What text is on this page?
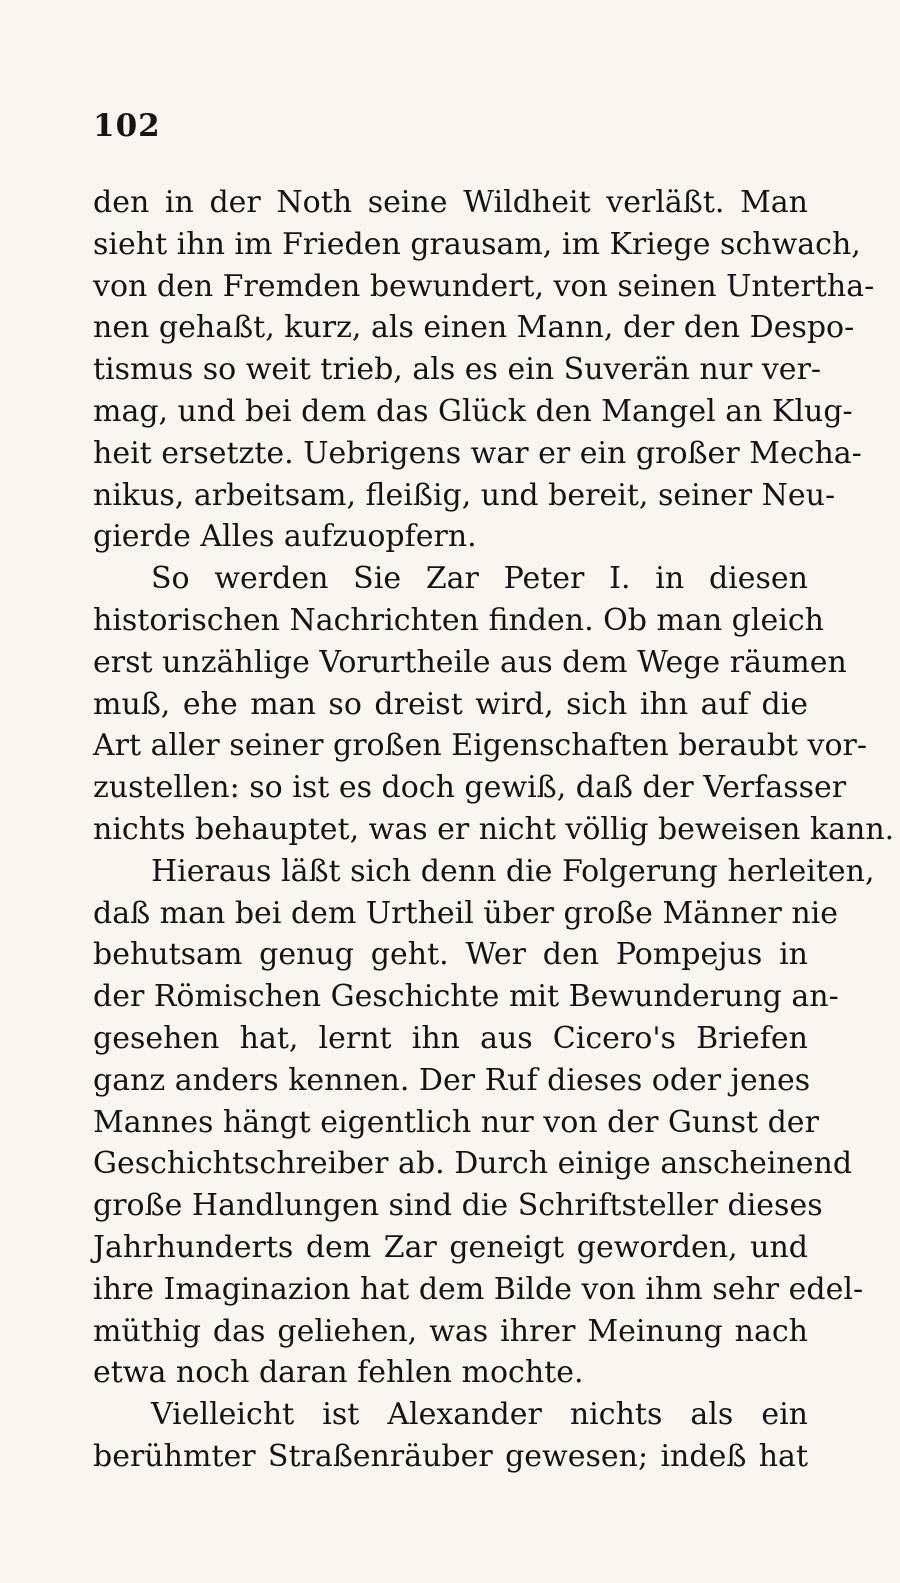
102
den in der Noth seine Wildheit verläßt. Man
sieht ihn im Frieden grausam, im Kriege schwach,
von den Fremden bewundert, von seinen Untertha-
nen gehaßt, kurz, als einen Mann, der den Despo-
tismus so weit trieb, als es ein Suverän nur ver-
mag, und bei dem das Glück den Mangel an Klug-
heit ersetzte. Uebrigens war er ein großer Mecha-
nikus, arbeitsam, fleißig, und bereit, seiner Neu-
gierde Alles aufzuopfern.
So werden Sie Zar Peter I. in diesen
historischen Nachrichten finden. Ob man gleich
erst unzählige Vorurtheile aus dem Wege räumen
muß, ehe man so dreist wird, sich ihn auf die
Art aller seiner großen Eigenschaften beraubt vor-
zustellen: so ist es doch gewiß, daß der Verfasser
nichts behauptet, was er nicht völlig beweisen kann.
Hieraus läßt sich denn die Folgerung herleiten,
daß man bei dem Urtheil über große Männer nie
behutsam genug geht. Wer den Pompejus in
der Römischen Geschichte mit Bewunderung an-
gesehen hat, lernt ihn aus Cicero's Briefen
ganz anders kennen. Der Ruf dieses oder jenes
Mannes hängt eigentlich nur von der Gunst der
Geschichtschreiber ab. Durch einige anscheinend
große Handlungen sind die Schriftsteller dieses
Jahrhunderts dem Zar geneigt geworden, und
ihre Imaginazion hat dem Bilde von ihm sehr edel-
müthig das geliehen, was ihrer Meinung nach
etwa noch daran fehlen mochte.
Vielleicht ist Alexander nichts als ein
berühmter Straßenräuber gewesen; indeß hat
